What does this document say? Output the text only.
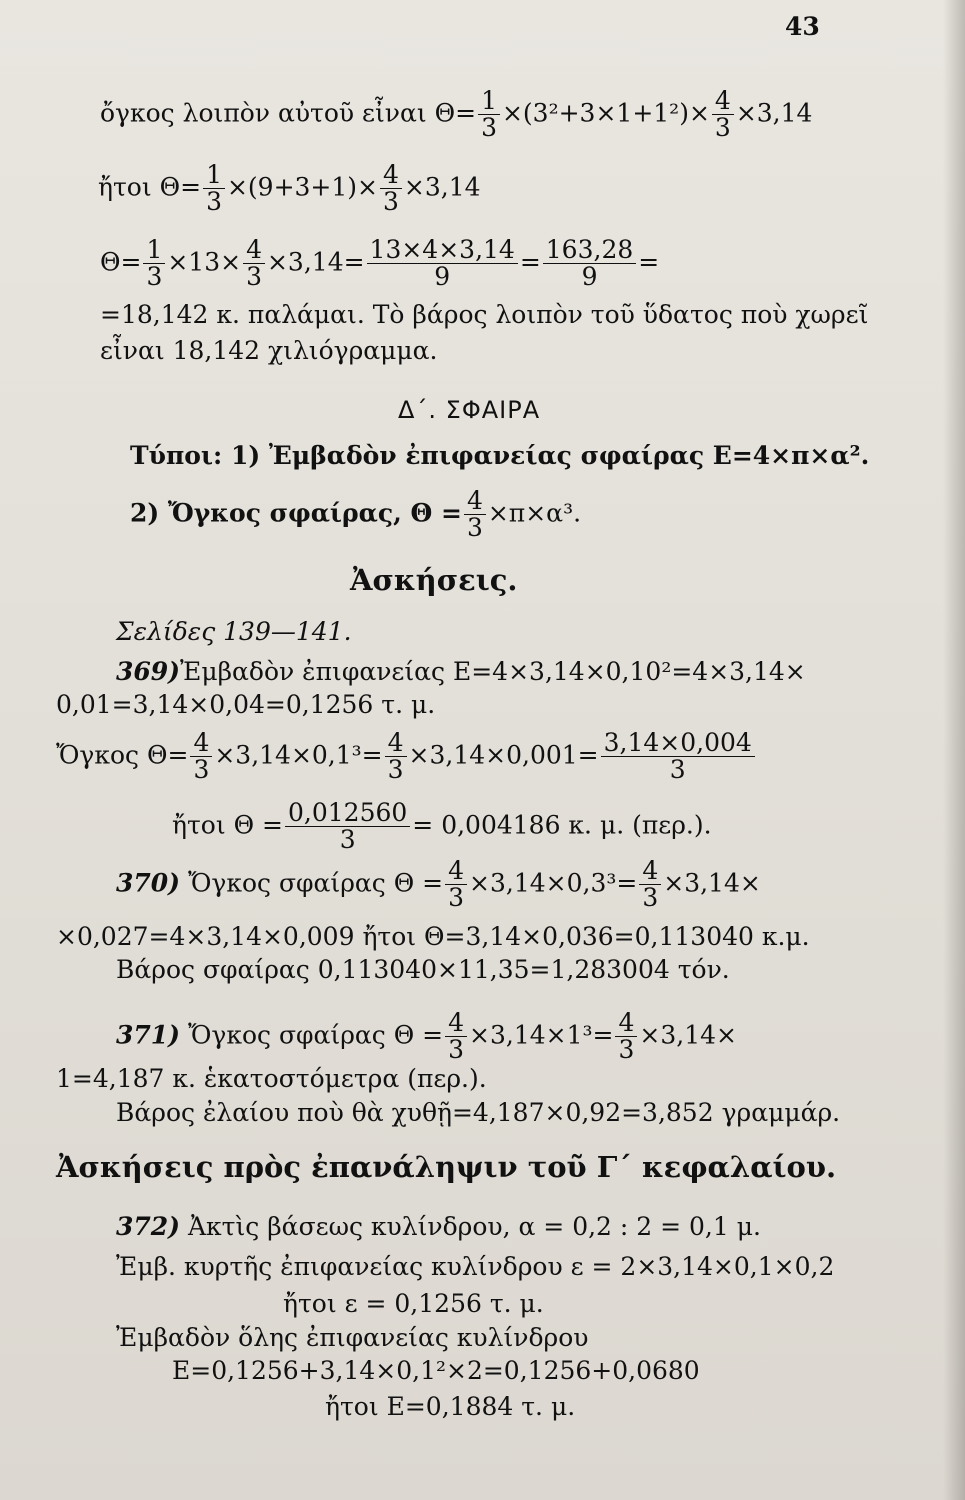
43
ὄγκος λοιπὸν αὐτοῦ εἶναι $\Theta= \frac{1}{3} \times(3^2+3\times 1+1^2)\times \frac{4}{3} \times 3,14$
ἤτοι $\Theta= \frac{1}{3} \times(9+3+1)\times \frac{4}{3} \times 3,14$
$\Theta= \frac{1}{3} \times 13\times \frac{4}{3} \times 3,14= \frac{13\times 4\times 3,14}{9} = \frac{163,28}{9}$ =
=18,142 κ. παλάμαι. Τὸ βάρος λοιπὸν τοῦ ὕδατος ποὺ χωρεῖ
εἶναι 18,142 χιλιόγραμμα.
Δ΄. ΣΦΑΙΡΑ
Τύποι: 1) Ἐμβαδὸν ἐπιφανείας σφαίρας Ε=4×π×α².
2) Ὄγκος σφαίρας, $\Theta = \frac{4}{3} \times\pi\times\alpha^3$.
Ἀσκήσεις.
Σελίδες 139—141.
369)Ἐμβαδὸν ἐπιφανείας Ε=4×3,14×0,10²=4×3,14×
0,01=3,14×0,04=0,1256 τ. μ.
Ὄγκος $\Theta= \frac{4}{3} \times 3,14\times 0,1^3= \frac{4}{3} \times 3,14\times 0,001= \frac{3,14\times 0,004}{3}$
ἤτοι $\Theta = \frac{0,012560}{3} = 0,004186$ κ. μ. (περ.).
370) Ὄγκος σφαίρας $\Theta = \frac{4}{3} \times 3,14\times 0,3^3= \frac{4}{3} \times 3,14\times$
×0,027=4×3,14×0,009 ἤτοι Θ=3,14×0,036=0,113040 κ.μ.
Βάρος σφαίρας 0,113040×11,35=1,283004 τόν.
371) Ὄγκος σφαίρας $\Theta = \frac{4}{3} \times 3,14\times 1^3= \frac{4}{3} \times 3,14\times$
1=4,187 κ. ἑκατοστόμετρα (περ.).
Βάρος ἐλαίου ποὺ θὰ χυθῇ=4,187×0,92=3,852 γραμμάρ.
Ἀσκήσεις πρὸς ἐπανάληψιν τοῦ Γ΄ κεφαλαίου.
372) Ἀκτὶς βάσεως κυλίνδρου, α = 0,2 : 2 = 0,1 μ.
Ἐμβ. κυρτῆς ἐπιφανείας κυλίνδρου ε = 2×3,14×0,1×0,2
ἤτοι ε = 0,1256 τ. μ.
Ἐμβαδὸν ὅλης ἐπιφανείας κυλίνδρου
Ε=0,1256+3,14×0,1²×2=0,1256+0,0680
ἤτοι Ε=0,1884 τ. μ.
